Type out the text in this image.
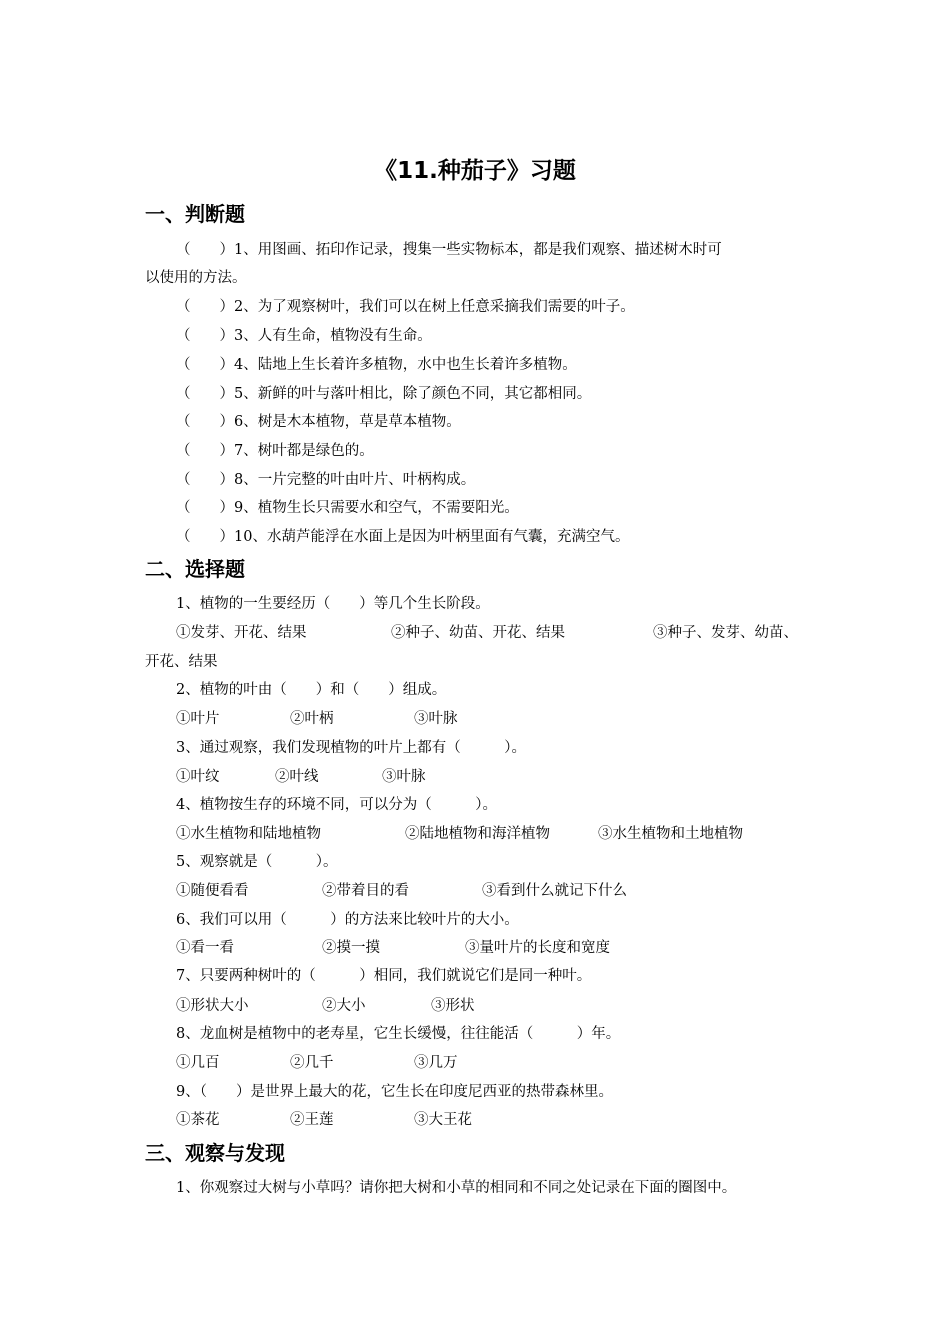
《11.种茄子》习题
一、判断题
（　　）1、用图画、拓印作记录，搜集一些实物标本，都是我们观察、描述树木时可
以使用的方法。
（　　）2、为了观察树叶，我们可以在树上任意采摘我们需要的叶子。
（　　）3、人有生命，植物没有生命。
（　　）4、陆地上生长着许多植物，水中也生长着许多植物。
（　　）5、新鲜的叶与落叶相比，除了颜色不同，其它都相同。
（　　）6、树是木本植物，草是草本植物。
（　　）7、树叶都是绿色的。
（　　）8、一片完整的叶由叶片、叶柄构成。
（　　）9、植物生长只需要水和空气，不需要阳光。
（　　）10、水葫芦能浮在水面上是因为叶柄里面有气囊，充满空气。
二、选择题
1、植物的一生要经历（　　）等几个生长阶段。
①发芽、开花、结果	②种子、幼苗、开花、结果	③种子、发芽、幼苗、
开花、结果
2、植物的叶由（　　）和（　　）组成。
①叶片	②叶柄	③叶脉
3、通过观察，我们发现植物的叶片上都有（　　　）。
①叶纹	②叶线	③叶脉
4、植物按生存的环境不同，可以分为（　　　）。
①水生植物和陆地植物	②陆地植物和海洋植物	③水生植物和土地植物
5、观察就是（　　　）。
①随便看看	②带着目的看	③看到什么就记下什么
6、我们可以用（　　　）的方法来比较叶片的大小。
①看一看	②摸一摸	③量叶片的长度和宽度
7、只要两种树叶的（　　　）相同，我们就说它们是同一种叶。
①形状大小	②大小	③形状
8、龙血树是植物中的老寿星，它生长缓慢，往往能活（　　　）年。
①几百	②几千	③几万
9、（　　）是世界上最大的花，它生长在印度尼西亚的热带森林里。
①茶花	②王莲	③大王花
三、观察与发现
1、你观察过大树与小草吗？请你把大树和小草的相同和不同之处记录在下面的圈图中。
